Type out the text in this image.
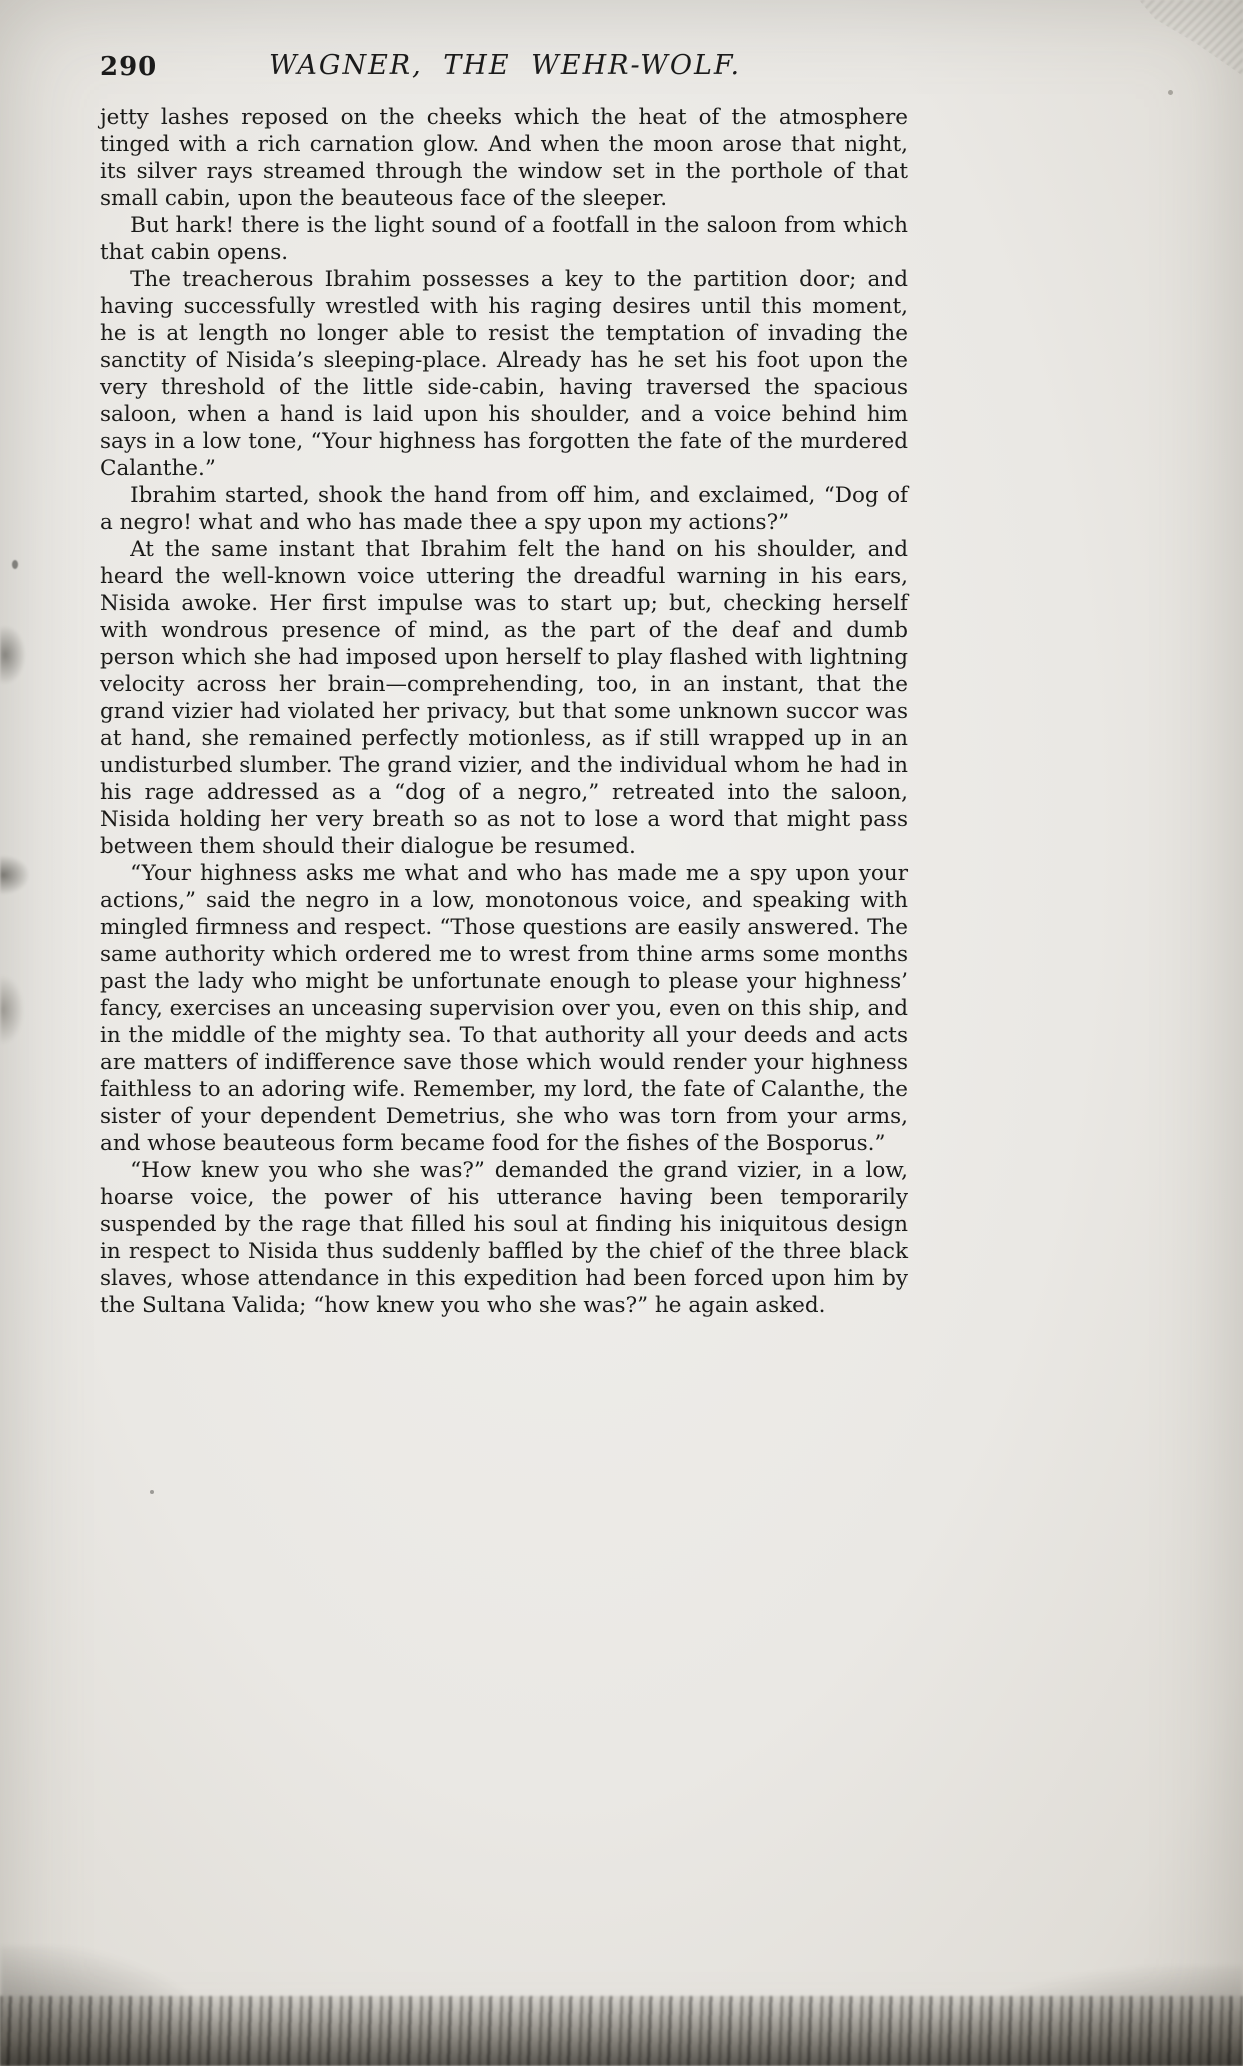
290	WAGNER, THE WEHR-WOLF.

jetty lashes reposed on the cheeks which the heat of the atmosphere tinged with a rich carnation glow. And when the moon arose that night, its silver rays streamed through the window set in the porthole of that small cabin, upon the beauteous face of the sleeper.

But hark! there is the light sound of a footfall in the saloon from which that cabin opens.

The treacherous Ibrahim possesses a key to the partition door; and having successfully wrestled with his raging desires until this moment, he is at length no longer able to resist the temptation of invading the sanctity of Nisida’s sleeping-place. Already has he set his foot upon the very threshold of the little side-cabin, having traversed the spacious saloon, when a hand is laid upon his shoulder, and a voice behind him says in a low tone, “Your highness has forgotten the fate of the murdered Calanthe.”

Ibrahim started, shook the hand from off him, and exclaimed, “Dog of a negro! what and who has made thee a spy upon my actions?”

At the same instant that Ibrahim felt the hand on his shoulder, and heard the well-known voice uttering the dreadful warning in his ears, Nisida awoke. Her first impulse was to start up; but, checking herself with wondrous presence of mind, as the part of the deaf and dumb person which she had imposed upon herself to play flashed with lightning velocity across her brain—comprehending, too, in an instant, that the grand vizier had violated her privacy, but that some unknown succor was at hand, she remained perfectly motionless, as if still wrapped up in an undisturbed slumber. The grand vizier, and the individual whom he had in his rage addressed as a “dog of a negro,” retreated into the saloon, Nisida holding her very breath so as not to lose a word that might pass between them should their dialogue be resumed.

“Your highness asks me what and who has made me a spy upon your actions,” said the negro in a low, monotonous voice, and speaking with mingled firmness and respect. “Those questions are easily answered. The same authority which ordered me to wrest from thine arms some months past the lady who might be unfortunate enough to please your highness’ fancy, exercises an unceasing supervision over you, even on this ship, and in the middle of the mighty sea. To that authority all your deeds and acts are matters of indifference save those which would render your highness faithless to an adoring wife. Remember, my lord, the fate of Calanthe, the sister of your dependent Demetrius, she who was torn from your arms, and whose beauteous form became food for the fishes of the Bosporus.”

“How knew you who she was?” demanded the grand vizier, in a low, hoarse voice, the power of his utterance having been temporarily suspended by the rage that filled his soul at finding his iniquitous design in respect to Nisida thus suddenly baffled by the chief of the three black slaves, whose attendance in this expedition had been forced upon him by the Sultana Valida; “how knew you who she was?” he again asked.
